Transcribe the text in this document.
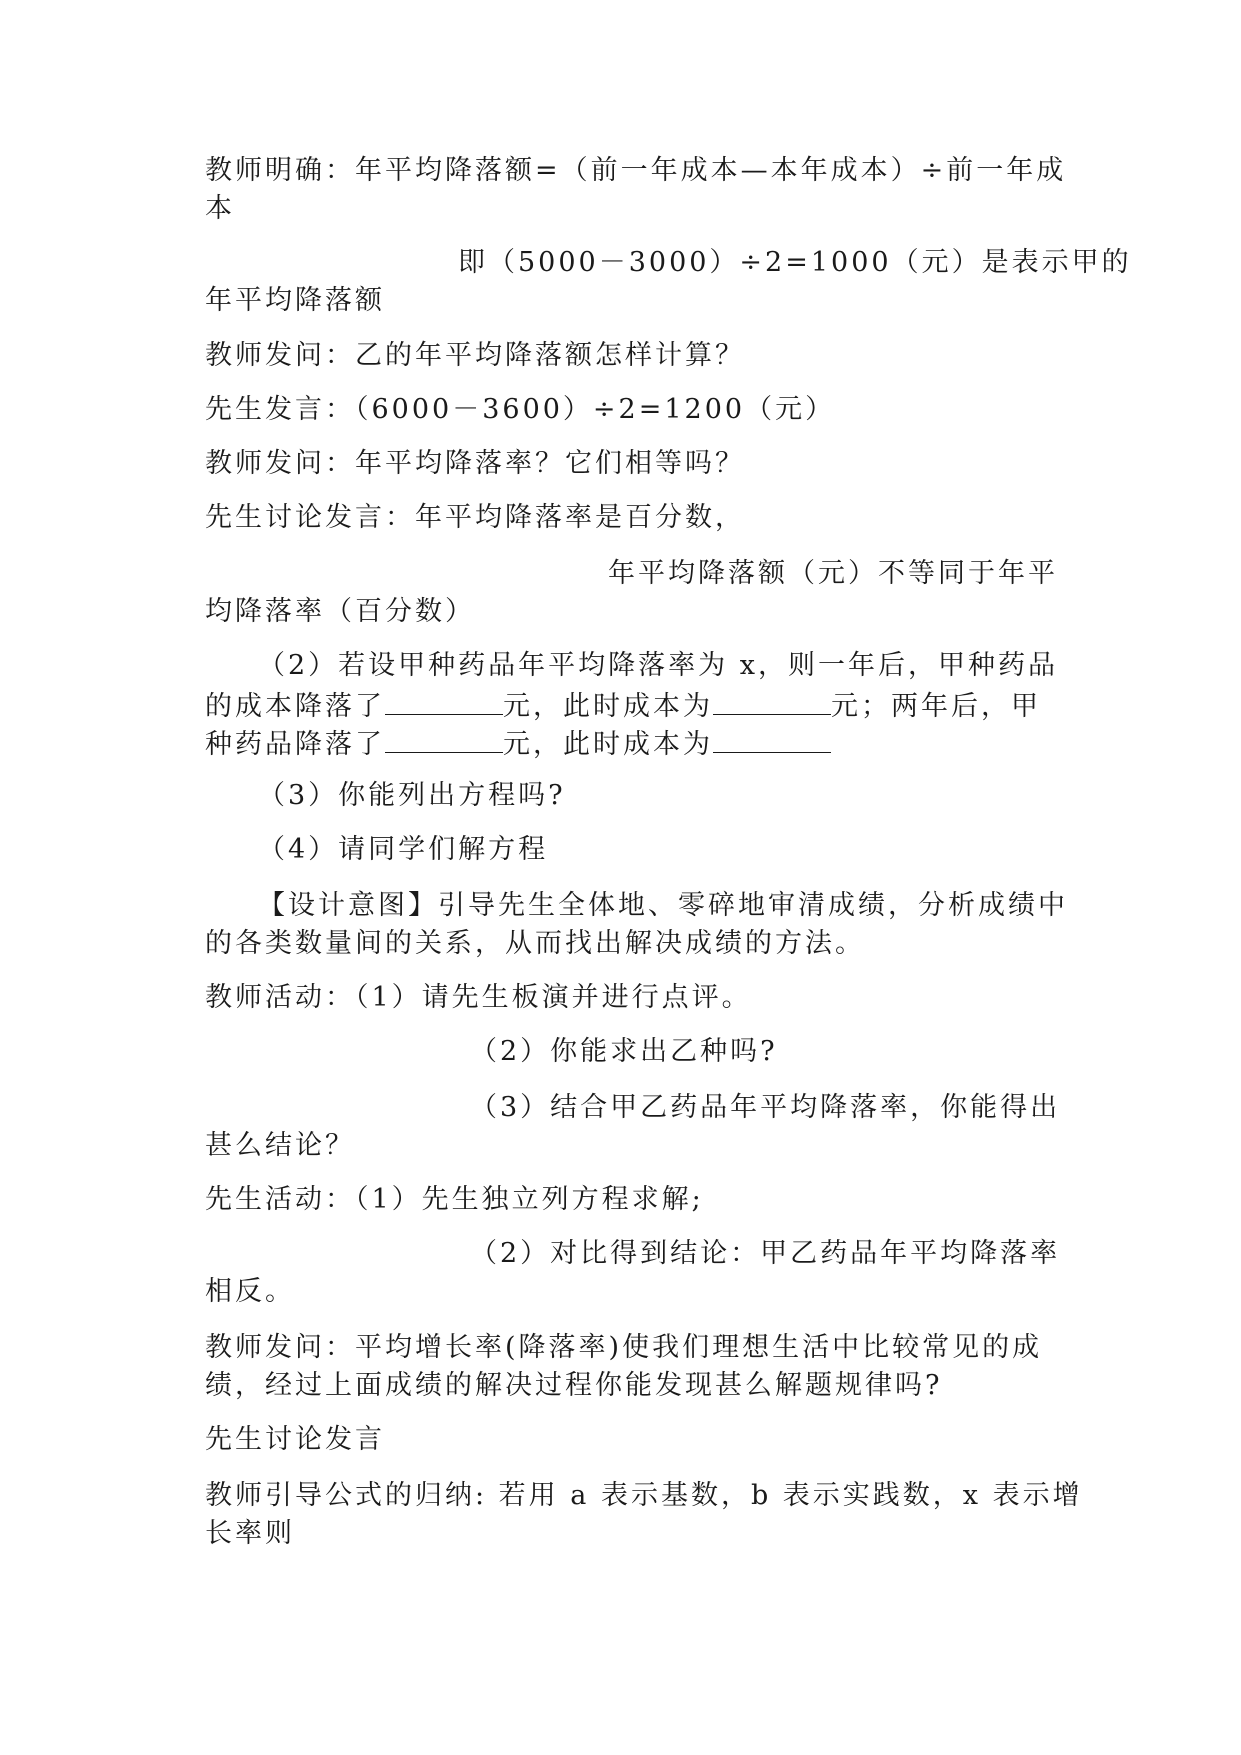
教师明确：年平均降落额=（前一年成本—本年成本）÷前一年成
本
即（5000－3000）÷2=1000（元）是表示甲的
年平均降落额
教师发问：乙的年平均降落额怎样计算？
先生发言：（6000－3600）÷2=1200（元）
教师发问：年平均降落率？它们相等吗？
先生讨论发言：年平均降落率是百分数，
年平均降落额（元）不等同于年平
均降落率（百分数）
（2）若设甲种药品年平均降落率为 x，则一年后，甲种药品
的成本降落了	元，此时成本为	元；两年后，甲
种药品降落了	元，此时成本为
（3）你能列出方程吗?
（4）请同学们解方程
【设计意图】引导先生全体地、零碎地审清成绩，分析成绩中
的各类数量间的关系，从而找出解决成绩的方法。
教师活动：（1）请先生板演并进行点评。
（2）你能求出乙种吗?
（3）结合甲乙药品年平均降落率，你能得出
甚么结论？
先生活动：（1）先生独立列方程求解;
（2）对比得到结论：甲乙药品年平均降落率
相反。
教师发问：平均增长率(降落率)使我们理想生活中比较常见的成
绩，经过上面成绩的解决过程你能发现甚么解题规律吗?
先生讨论发言
教师引导公式的归纳: 若用 a 表示基数，b 表示实践数，x 表示增
长率则
